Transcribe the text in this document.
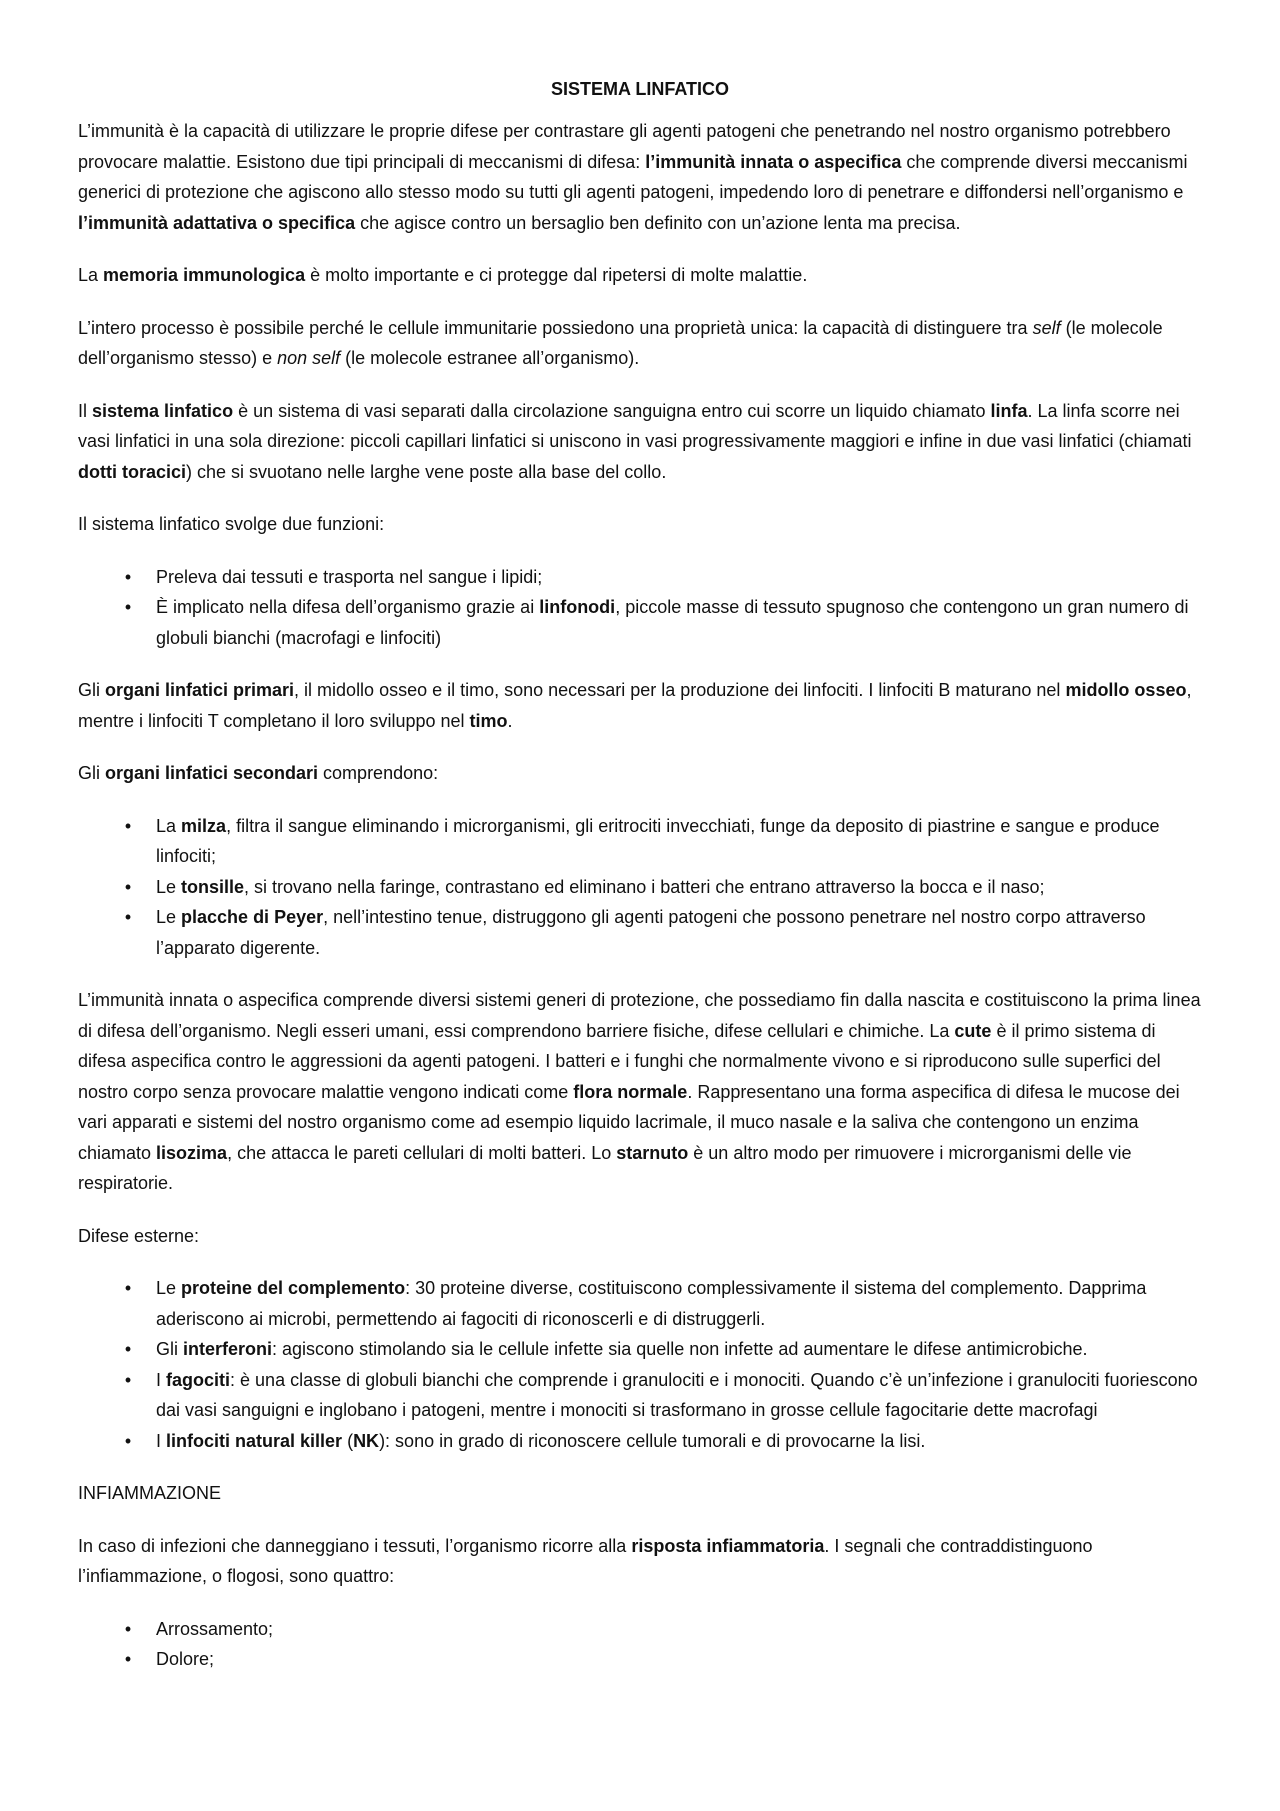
SISTEMA LINFATICO

L’immunità è la capacità di utilizzare le proprie difese per contrastare gli agenti patogeni che penetrando nel nostro organismo potrebbero provocare malattie. Esistono due tipi principali di meccanismi di difesa: l’immunità innata o aspecifica che comprende diversi meccanismi generici di protezione che agiscono allo stesso modo su tutti gli agenti patogeni, impedendo loro di penetrare e diffondersi nell’organismo e l’immunità adattativa o specifica che agisce contro un bersaglio ben definito con un’azione lenta ma precisa.

La memoria immunologica è molto importante e ci protegge dal ripetersi di molte malattie.

L’intero processo è possibile perché le cellule immunitarie possiedono una proprietà unica: la capacità di distinguere tra self (le molecole dell’organismo stesso) e non self (le molecole estranee all’organismo).

Il sistema linfatico è un sistema di vasi separati dalla circolazione sanguigna entro cui scorre un liquido chiamato linfa. La linfa scorre nei vasi linfatici in una sola direzione: piccoli capillari linfatici si uniscono in vasi progressivamente maggiori e infine in due vasi linfatici (chiamati dotti toracici) che si svuotano nelle larghe vene poste alla base del collo.

Il sistema linfatico svolge due funzioni:

•	Preleva dai tessuti e trasporta nel sangue i lipidi;
•	È implicato nella difesa dell’organismo grazie ai linfonodi, piccole masse di tessuto spugnoso che contengono un gran numero di globuli bianchi (macrofagi e linfociti)

Gli organi linfatici primari, il midollo osseo e il timo, sono necessari per la produzione dei linfociti. I linfociti B maturano nel midollo osseo, mentre i linfociti T completano il loro sviluppo nel timo.

Gli organi linfatici secondari comprendono:

•	La milza, filtra il sangue eliminando i microrganismi, gli eritrociti invecchiati, funge da deposito di piastrine e sangue e produce linfociti;
•	Le tonsille, si trovano nella faringe, contrastano ed eliminano i batteri che entrano attraverso la bocca e il naso;
•	Le placche di Peyer, nell’intestino tenue, distruggono gli agenti patogeni che possono penetrare nel nostro corpo attraverso l’apparato digerente.

L’immunità innata o aspecifica comprende diversi sistemi generi di protezione, che possediamo fin dalla nascita e costituiscono la prima linea di difesa dell’organismo. Negli esseri umani, essi comprendono barriere fisiche, difese cellulari e chimiche. La cute è il primo sistema di difesa aspecifica contro le aggressioni da agenti patogeni. I batteri e i funghi che normalmente vivono e si riproducono sulle superfici del nostro corpo senza provocare malattie vengono indicati come flora normale. Rappresentano una forma aspecifica di difesa le mucose dei vari apparati e sistemi del nostro organismo come ad esempio liquido lacrimale, il muco nasale e la saliva che contengono un enzima chiamato lisozima, che attacca le pareti cellulari di molti batteri. Lo starnuto è un altro modo per rimuovere i microrganismi delle vie respiratorie.

Difese esterne:

•	Le proteine del complemento: 30 proteine diverse, costituiscono complessivamente il sistema del complemento. Dapprima aderiscono ai microbi, permettendo ai fagociti di riconoscerli e di distruggerli.
•	Gli interferoni: agiscono stimolando sia le cellule infette sia quelle non infette ad aumentare le difese antimicrobiche.
•	I fagociti: è una classe di globuli bianchi che comprende i granulociti e i monociti. Quando c’è un’infezione i granulociti fuoriescono dai vasi sanguigni e inglobano i patogeni, mentre i monociti si trasformano in grosse cellule fagocitarie dette macrofagi
•	I linfociti natural killer (NK): sono in grado di riconoscere cellule tumorali e di provocarne la lisi.

INFIAMMAZIONE

In caso di infezioni che danneggiano i tessuti, l’organismo ricorre alla risposta infiammatoria. I segnali che contraddistinguono l’infiammazione, o flogosi, sono quattro:

•	Arrossamento;
•	Dolore;
